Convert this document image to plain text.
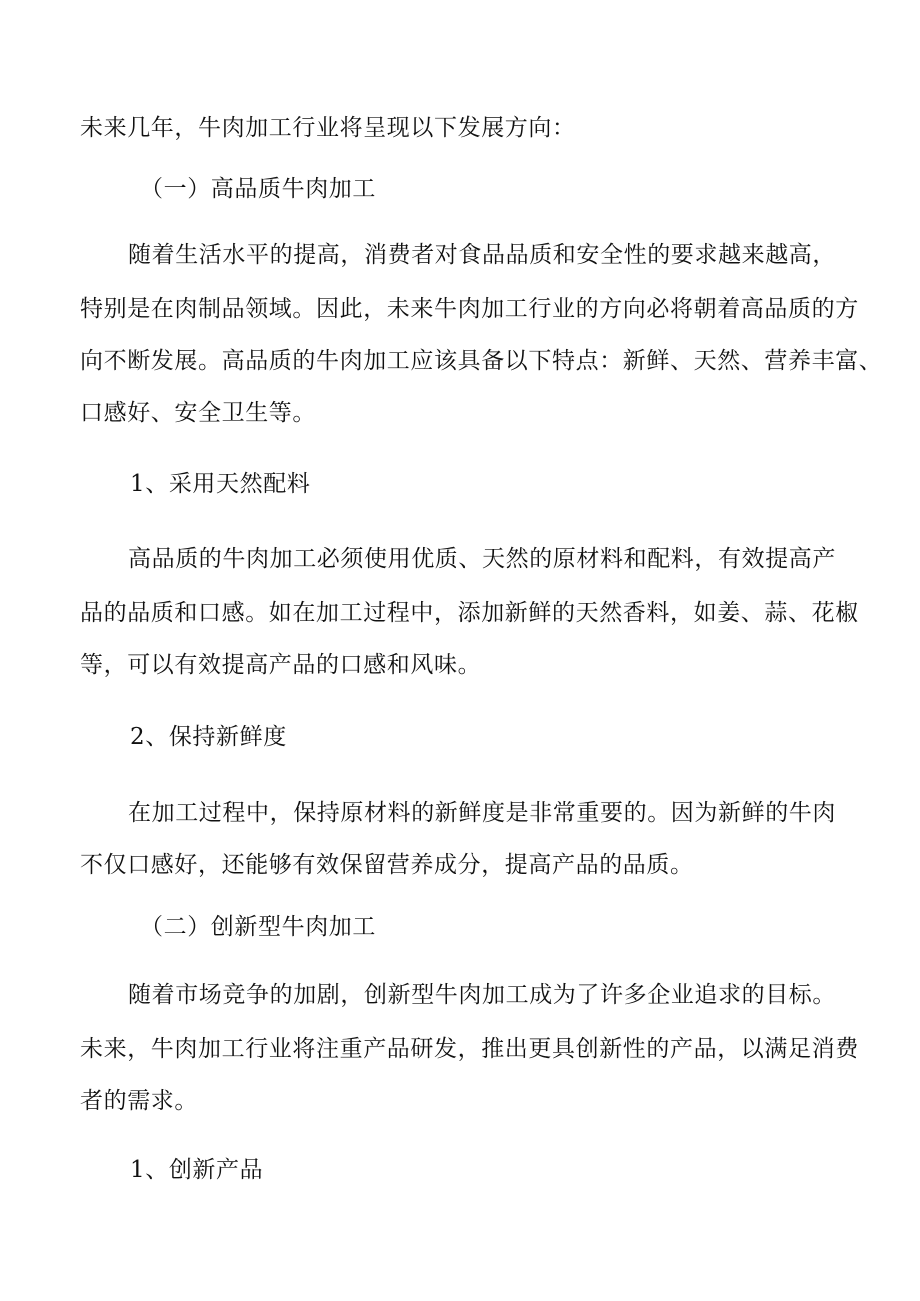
未来几年，牛肉加工行业将呈现以下发展方向：
（一）高品质牛肉加工
随着生活水平的提高，消费者对食品品质和安全性的要求越来越高，
特别是在肉制品领域。因此，未来牛肉加工行业的方向必将朝着高品质的方
向不断发展。高品质的牛肉加工应该具备以下特点：新鲜、天然、营养丰富、
口感好、安全卫生等。
1、采用天然配料
高品质的牛肉加工必须使用优质、天然的原材料和配料，有效提高产
品的品质和口感。如在加工过程中，添加新鲜的天然香料，如姜、蒜、花椒
等，可以有效提高产品的口感和风味。
2、保持新鲜度
在加工过程中，保持原材料的新鲜度是非常重要的。因为新鲜的牛肉
不仅口感好，还能够有效保留营养成分，提高产品的品质。
（二）创新型牛肉加工
随着市场竞争的加剧，创新型牛肉加工成为了许多企业追求的目标。
未来，牛肉加工行业将注重产品研发，推出更具创新性的产品，以满足消费
者的需求。
1、创新产品
